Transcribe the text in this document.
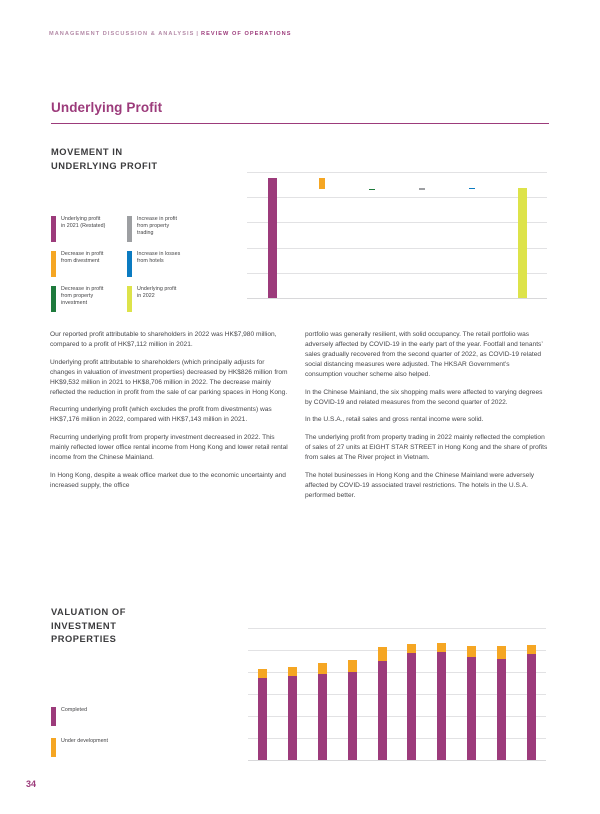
MANAGEMENT DISCUSSION & ANALYSIS | REVIEW OF OPERATIONS
Underlying Profit
MOVEMENT IN
UNDERLYING PROFIT
Underlying profit
in 2021 (Restated)
Increase in profit
from property
trading
Decrease in profit
from divestment
Increase in losses
from hotels
Decrease in profit
from property
investment
Underlying profit
in 2022

Our reported profit attributable to shareholders in 2022 was HK$7,980 million, compared to a profit of HK$7,112 million in 2021.

Underlying profit attributable to shareholders (which principally adjusts for changes in valuation of investment properties) decreased by HK$826 million from HK$9,532 million in 2021 to HK$8,706 million in 2022. The decrease mainly reflected the reduction in profit from the sale of car parking spaces in Hong Kong.

Recurring underlying profit (which excludes the profit from divestments) was HK$7,176 million in 2022, compared with HK$7,143 million in 2021.

Recurring underlying profit from property investment decreased in 2022. This mainly reflected lower office rental income from Hong Kong and lower retail rental income from the Chinese Mainland.

In Hong Kong, despite a weak office market due to the economic uncertainty and increased supply, the office

portfolio was generally resilient, with solid occupancy. The retail portfolio was adversely affected by COVID-19 in the early part of the year. Footfall and tenants’ sales gradually recovered from the second quarter of 2022, as COVID-19 related social distancing measures were adjusted. The HKSAR Government’s consumption voucher scheme also helped.

In the Chinese Mainland, the six shopping malls were affected to varying degrees by COVID-19 and related measures from the second quarter of 2022.

In the U.S.A., retail sales and gross rental income were solid.

The underlying profit from property trading in 2022 mainly reflected the completion of sales of 27 units at EIGHT STAR STREET in Hong Kong and the share of profits from sales at The River project in Vietnam.

The hotel businesses in Hong Kong and the Chinese Mainland were adversely affected by COVID-19 associated travel restrictions. The hotels in the U.S.A. performed better.

VALUATION OF
INVESTMENT
PROPERTIES
Completed
Under development
34
